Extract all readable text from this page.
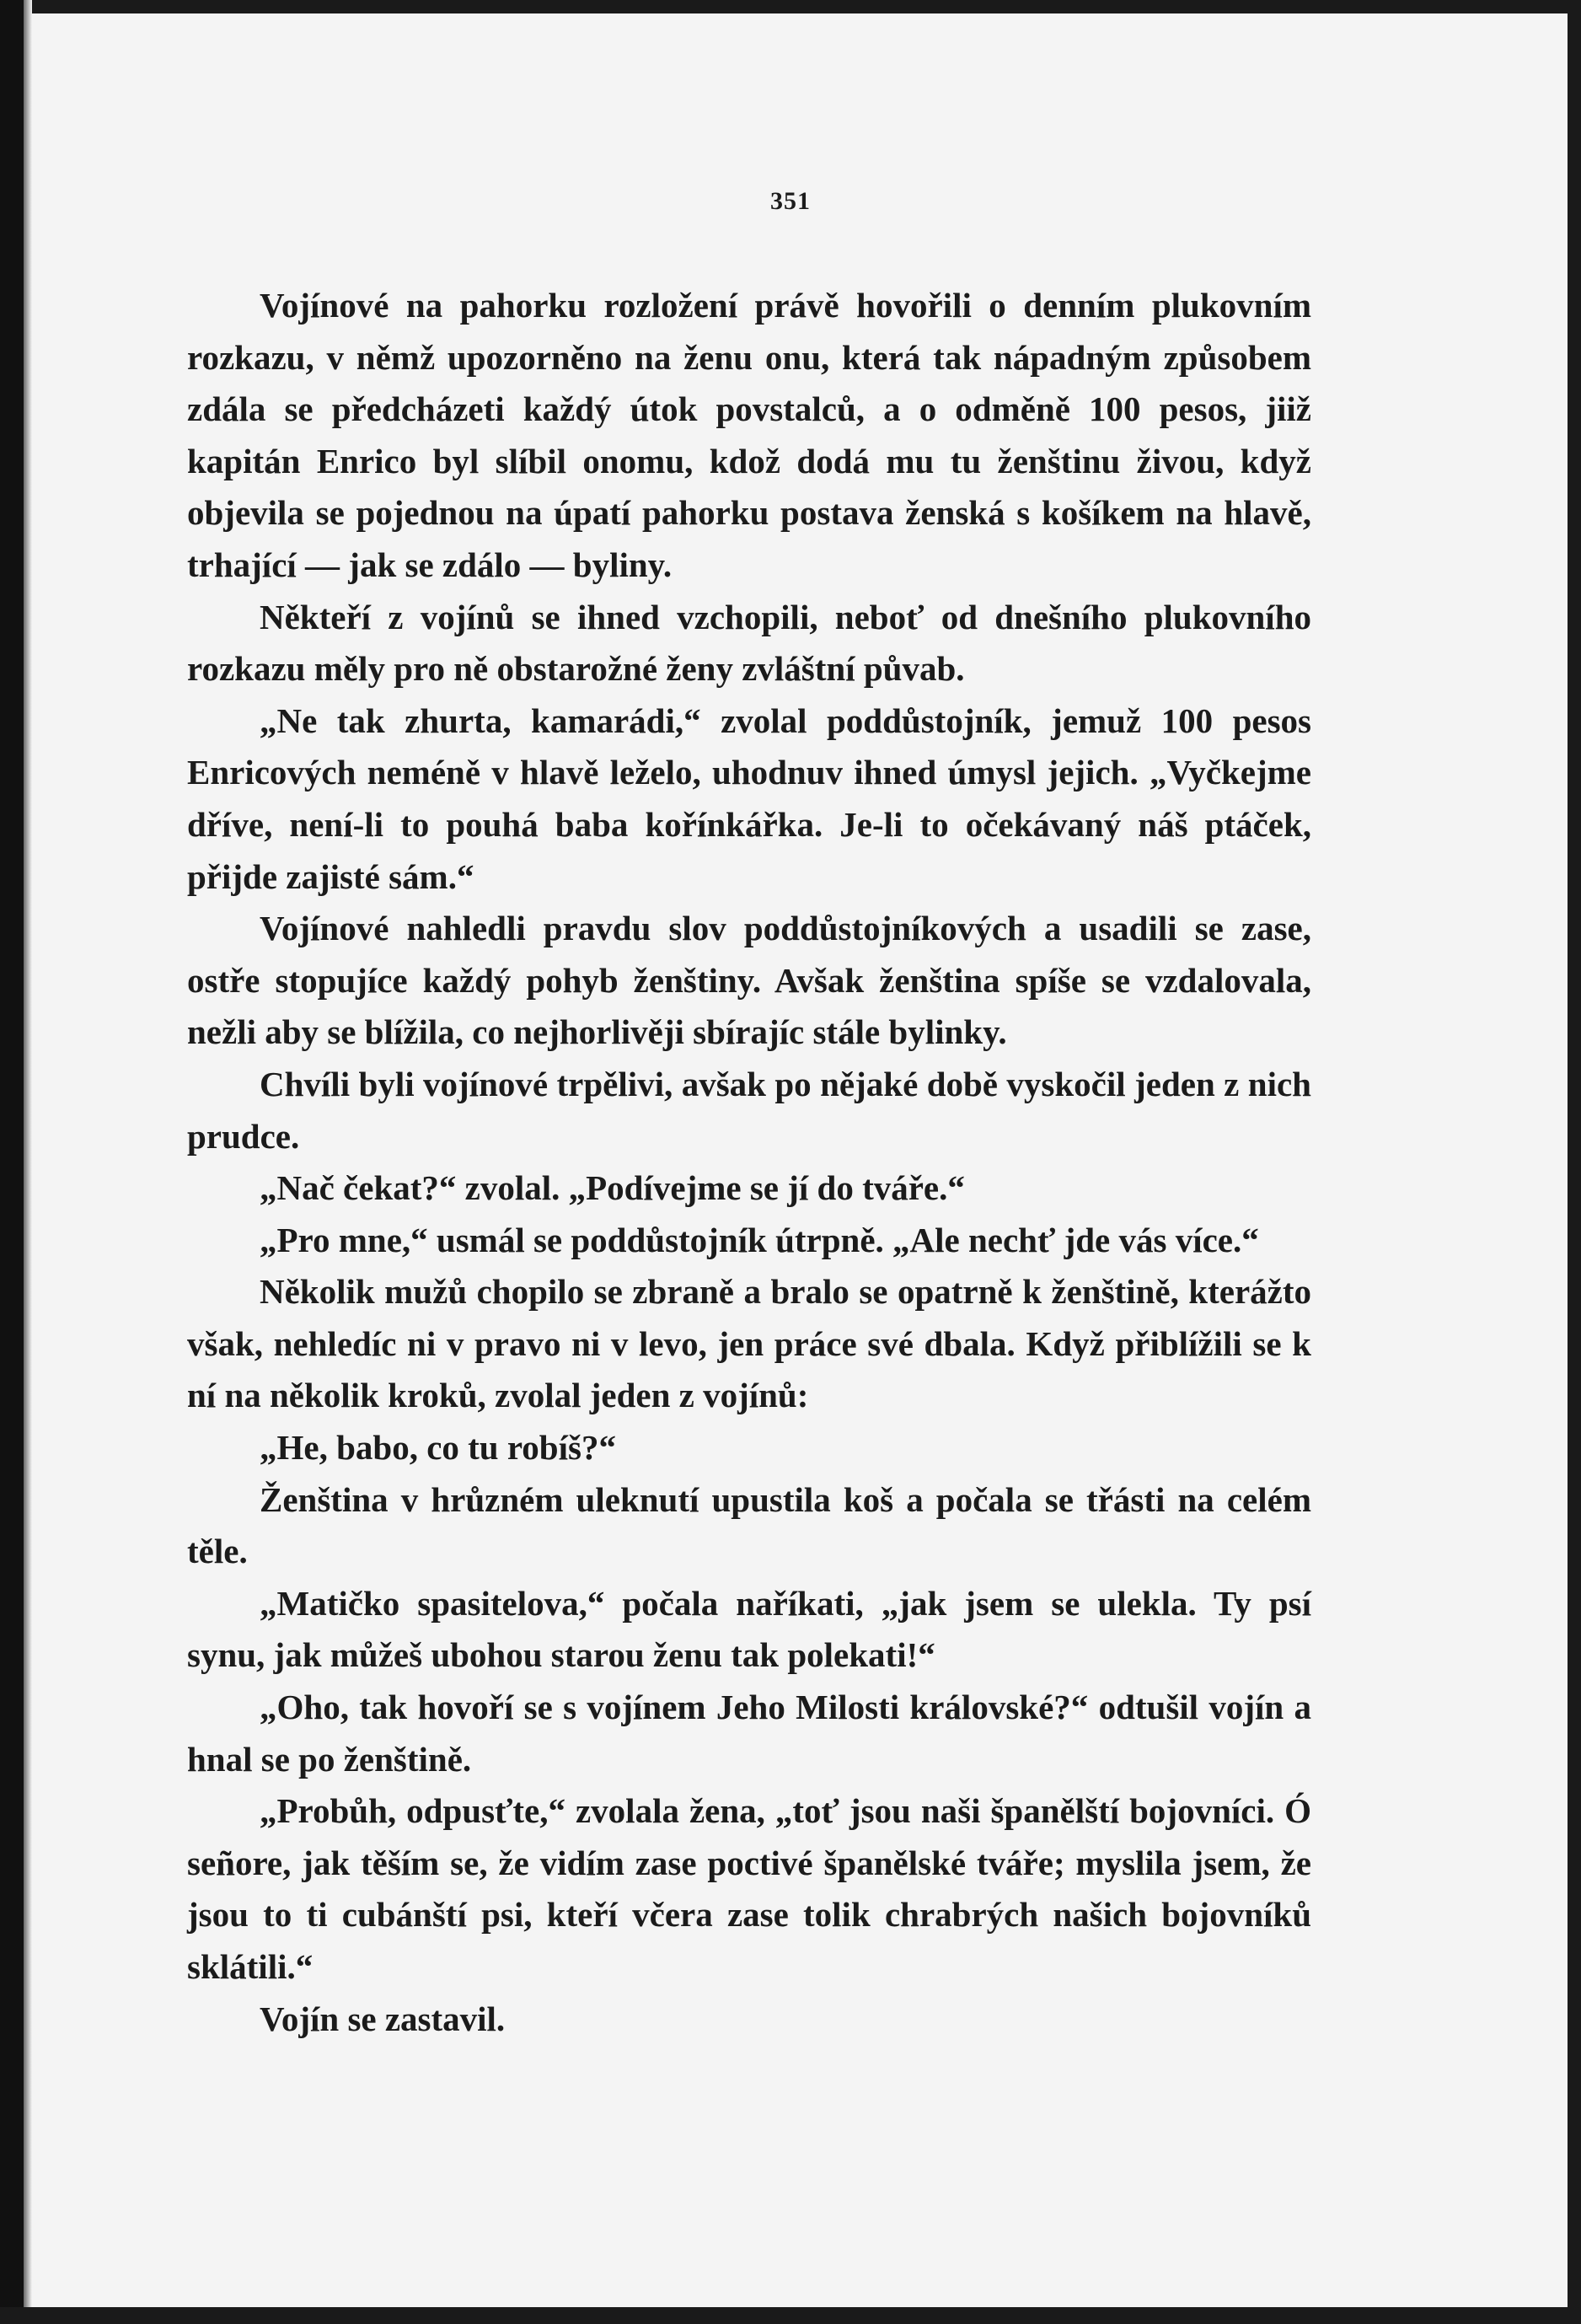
351

Vojínové na pahorku rozložení právě hovořili o denním plukovním rozkazu, v němž upozorněno na ženu onu, která tak nápadným způsobem zdála se předcházeti každý útok povstalců, a o odměně 100 pesos, jiiž kapitán Enrico byl slíbil onomu, kdož dodá mu tu ženštinu živou, když objevila se pojednou na úpatí pahorku postava ženská s košíkem na hlavě, trhající — jak se zdálo — byliny.

Někteří z vojínů se ihned vzchopili, neboť od dnešního plukovního rozkazu měly pro ně obstarožné ženy zvláštní půvab.

„Ne tak zhurta, kamarádi,“ zvolal poddůstojník, jemuž 100 pesos Enricových neméně v hlavě leželo, uhodnuv ihned úmysl jejich. „Vyčkejme dříve, není-li to pouhá baba kořínkářka. Je-li to očekávaný náš ptáček, přijde zajisté sám.“

Vojínové nahledli pravdu slov poddůstojníkových a usadili se zase, ostře stopujíce každý pohyb ženštiny. Avšak ženština spíše se vzdalovala, nežli aby se blížila, co nejhorlivěji sbírajíc stále bylinky.

Chvíli byli vojínové trpělivi, avšak po nějaké době vyskočil jeden z nich prudce.

„Nač čekat?“ zvolal. „Podívejme se jí do tváře.“

„Pro mne,“ usmál se poddůstojník útrpně. „Ale nechť jde vás více.“

Několik mužů chopilo se zbraně a bralo se opatrně k ženštině, kterážto však, nehledíc ni v pravo ni v levo, jen práce své dbala. Když přiblížili se k ní na několik kroků, zvolal jeden z vojínů:

„He, babo, co tu robíš?“

Ženština v hrůzném uleknutí upustila koš a počala se třásti na celém těle.

„Matičko spasitelova,“ počala naříkati, „jak jsem se ulekla. Ty psí synu, jak můžeš ubohou starou ženu tak polekati!“

„Oho, tak hovoří se s vojínem Jeho Milosti královské?“ odtušil vojín a hnal se po ženštině.

„Probůh, odpusťte,“ zvolala žena, „toť jsou naši španělští bojovníci. Ó señore, jak těším se, že vidím zase poctivé španělské tváře; myslila jsem, že jsou to ti cubánští psi, kteří včera zase tolik chrabrých našich bojovníků sklátili.“

Vojín se zastavil.
